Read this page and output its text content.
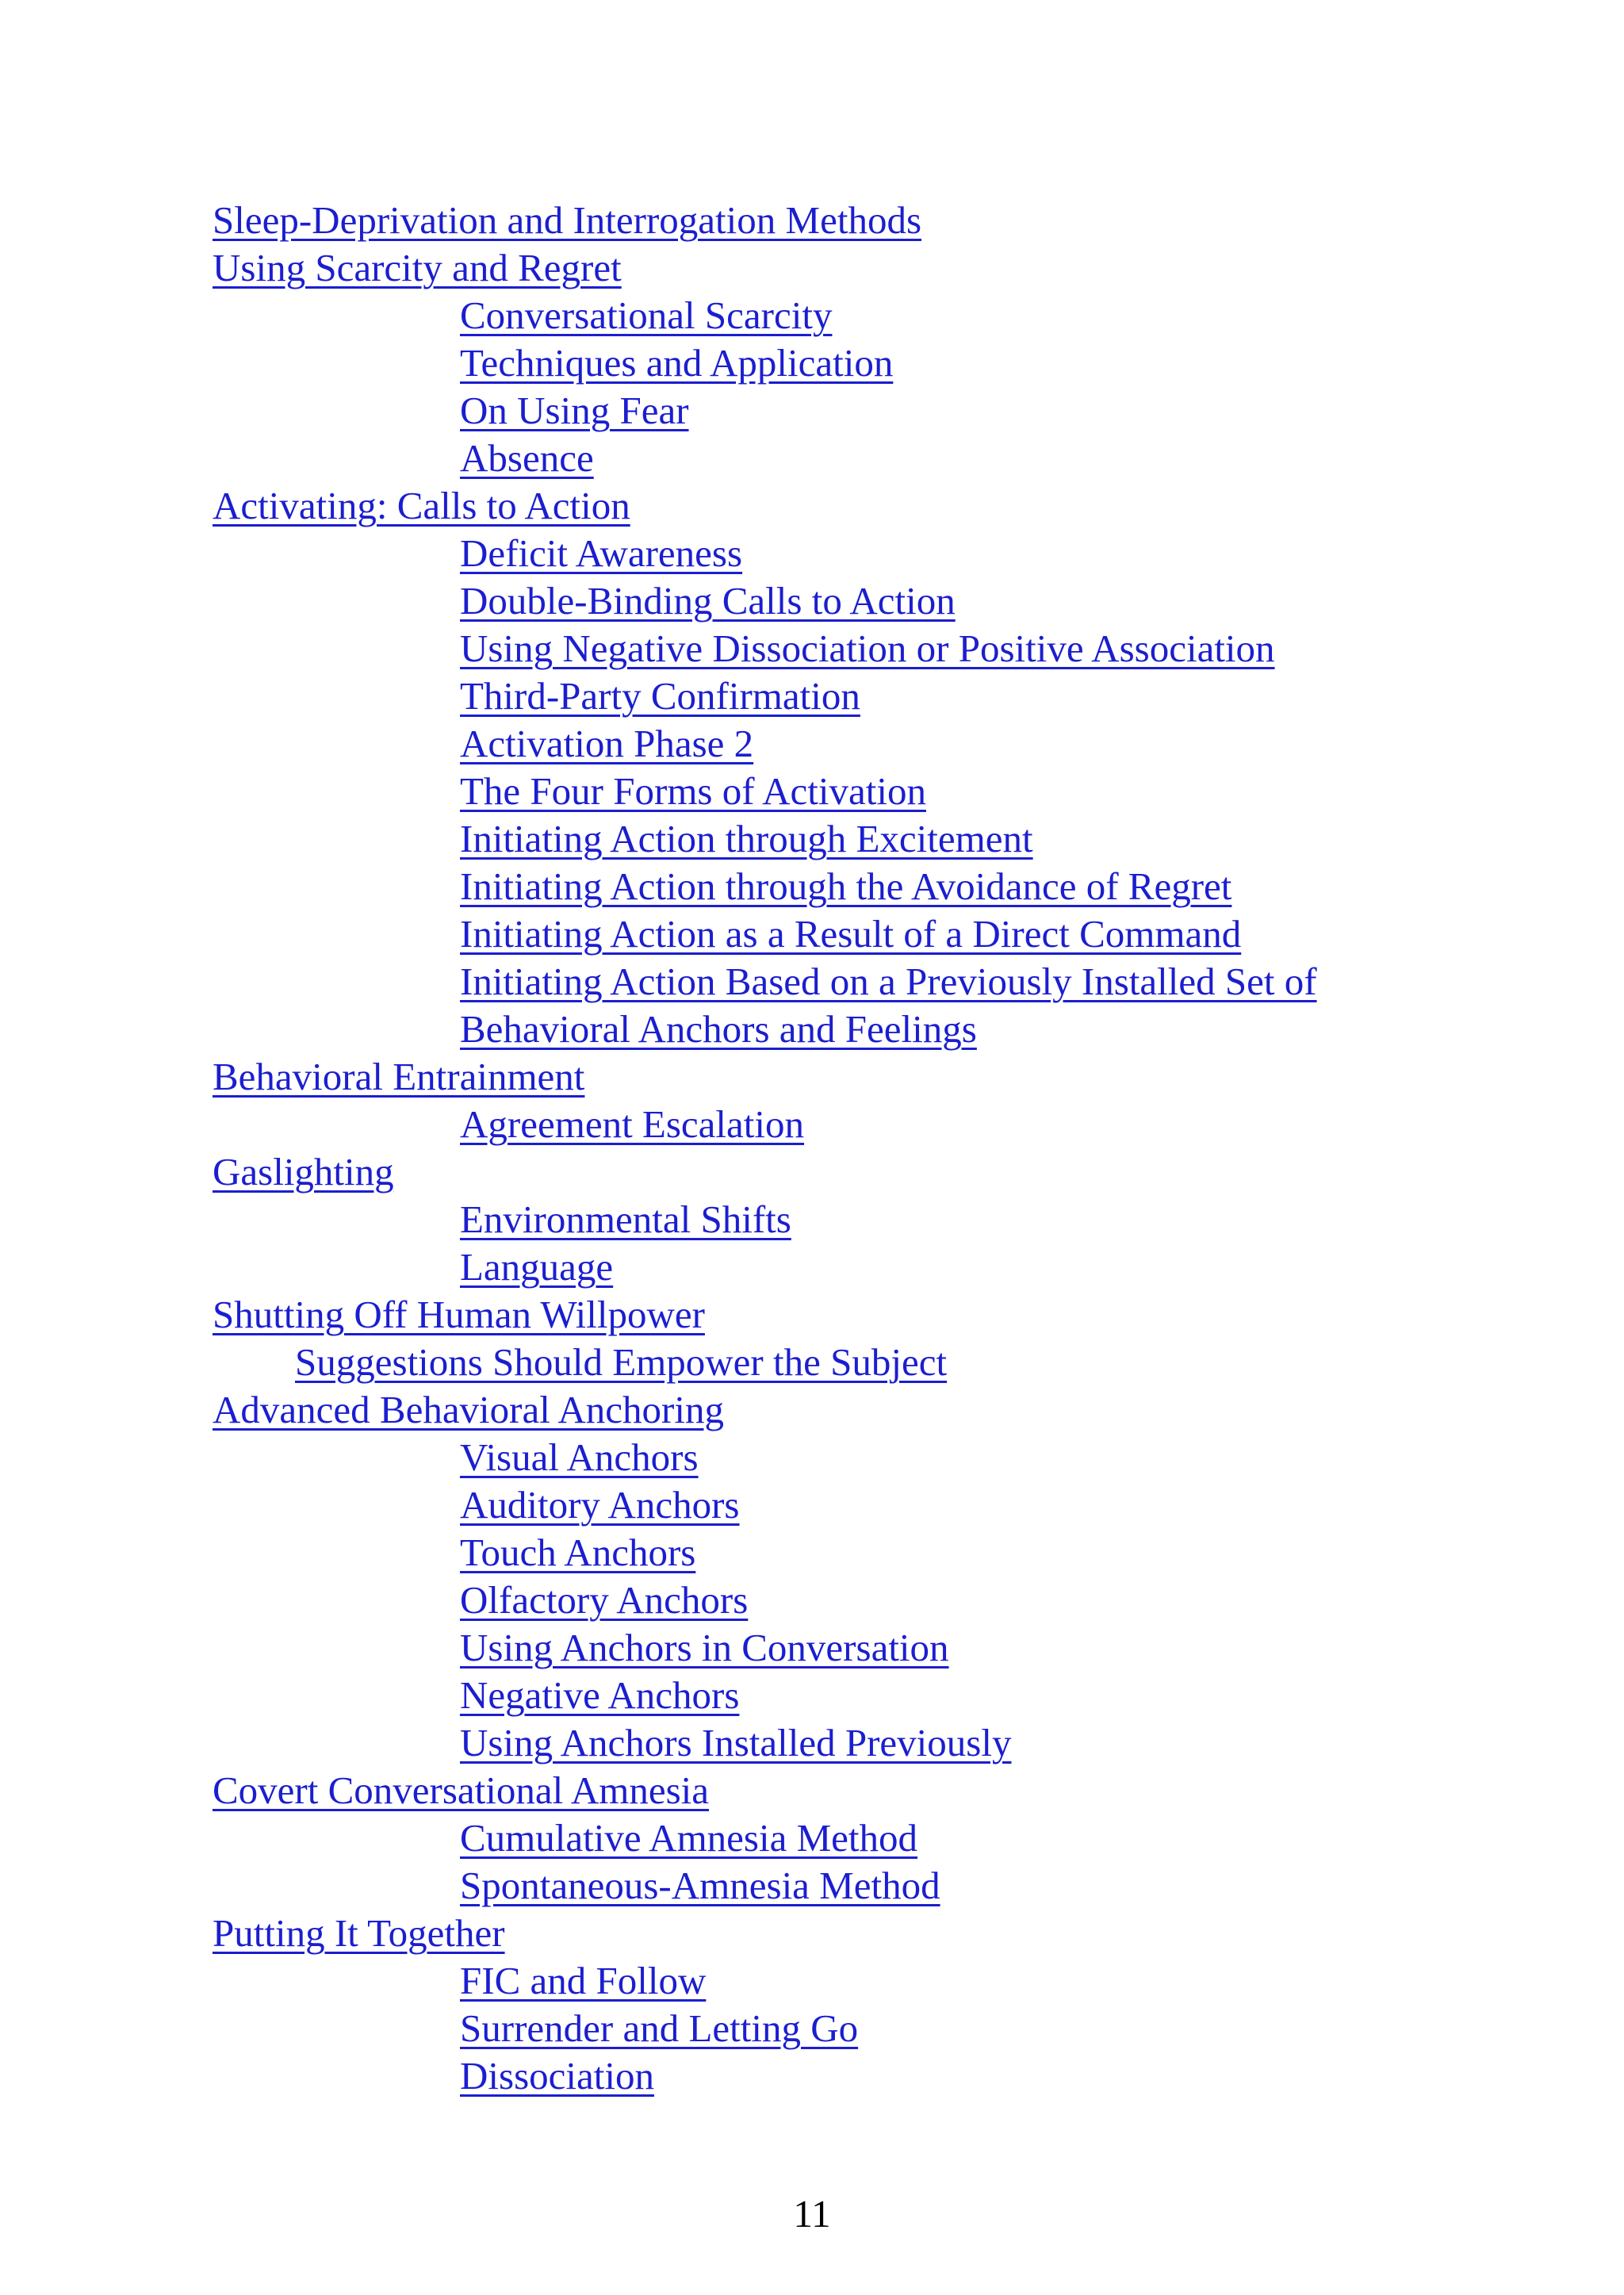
Sleep-Deprivation and Interrogation Methods
Using Scarcity and Regret
Conversational Scarcity
Techniques and Application
On Using Fear
Absence
Activating: Calls to Action
Deficit Awareness
Double-Binding Calls to Action
Using Negative Dissociation or Positive Association
Third-Party Confirmation
Activation Phase 2
The Four Forms of Activation
Initiating Action through Excitement
Initiating Action through the Avoidance of Regret
Initiating Action as a Result of a Direct Command
Initiating Action Based on a Previously Installed Set of
Behavioral Anchors and Feelings
Behavioral Entrainment
Agreement Escalation
Gaslighting
Environmental Shifts
Language
Shutting Off Human Willpower
Suggestions Should Empower the Subject
Advanced Behavioral Anchoring
Visual Anchors
Auditory Anchors
Touch Anchors
Olfactory Anchors
Using Anchors in Conversation
Negative Anchors
Using Anchors Installed Previously
Covert Conversational Amnesia
Cumulative Amnesia Method
Spontaneous-Amnesia Method
Putting It Together
FIC and Follow
Surrender and Letting Go
Dissociation
11
